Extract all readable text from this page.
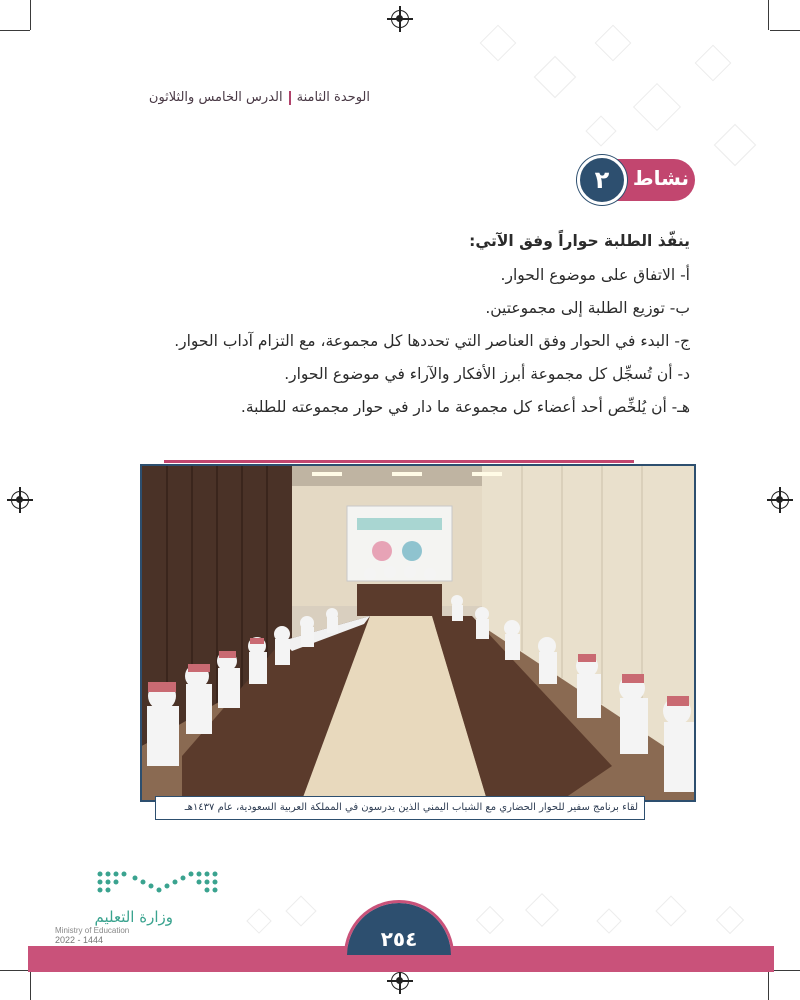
الوحدة الثامنةالدرس الخامس والثلاثون
نشاط
٢
ينفّذ الطلبة حواراً وفق الآتي:
أ- الاتفاق على موضوع الحوار.
ب- توزيع الطلبة إلى مجموعتين.
ج- البدء في الحوار وفق العناصر التي تحددها كل مجموعة، مع التزام آداب الحوار.
د- أن تُسجِّل كل مجموعة أبرز الأفكار والآراء في موضوع الحوار.
هـ- أن يُلخِّص أحد أعضاء كل مجموعة ما دار في حوار مجموعته للطلبة.
لقاء برنامج سفير للحوار الحضاري مع الشباب اليمني الذين يدرسون في المملكة العربية السعودية، عام ١٤٣٧هـ
وزارة التعليم
Ministry of Education
2022 - 1444	٢٥٤
